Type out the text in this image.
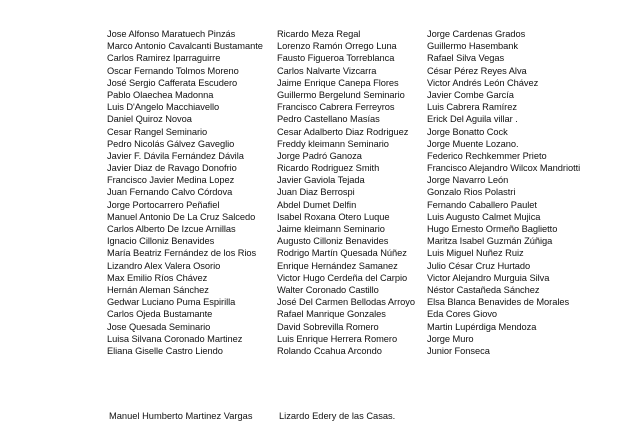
Jose Alfonso Maratuech Pinzás
Marco Antonio Cavalcanti Bustamante
Carlos Ramirez Iparraguirre
Oscar Fernando Tolmos Moreno
José Sergio Cafferata Escudero
Pablo Olaechea Madonna
Luis D'Angelo Macchiavello
Daniel Quiroz Novoa
Cesar Rangel Seminario
Pedro Nicolás Gálvez Gaveglio
Javier F. Dávila Fernández Dávila
Javier Diaz de Ravago Donofrio
Francisco Javier Medina Lopez
Juan Fernando Calvo Córdova
Jorge Portocarrero Peñafiel
Manuel Antonio De La Cruz Salcedo
Carlos Alberto De Izcue Arnillas
Ignacio Cilloniz Benavides
María Beatriz Fernández de los Rios
Lizandro Alex Valera Osorio
Max Emilio Ríos Chávez
Hernán Aleman Sánchez
Gedwar Luciano Puma Espirilla
Carlos Ojeda Bustamante
Jose Quesada Seminario
Luisa Silvana Coronado Martinez
Eliana Giselle Castro Liendo
Ricardo Meza Regal
Lorenzo Ramón Orrego Luna
Fausto Figueroa Torreblanca
Carlos Nalvarte Vizcarra
Jaime Enrique Canepa Flores
Guillermo Bergelund Seminario
Francisco Cabrera Ferreyros
Pedro Castellano Masías
Cesar Adalberto Diaz Rodriguez
Freddy kleimann Seminario
Jorge Padró Ganoza
Ricardo Rodriguez Smith
Javier Gaviola Tejada
Juan Diaz Berrospi
Abdel Dumet Delfin
Isabel Roxana Otero Luque
Jaime kleimann Seminario
Augusto Cilloniz Benavides
Rodrigo Martín Quesada Núñez
Enrique Hernández Samanez
Victor Hugo Cerdeña del Carpio
Walter Coronado Castillo
José Del Carmen Bellodas Arroyo
Rafael Manrique Gonzales
David Sobrevilla Romero
Luis Enrique Herrera Romero
Rolando Ccahua Arcondo
Jorge Cardenas Grados
Guillermo Hasembank
Rafael Silva Vegas
César Pérez Reyes Alva
Victor Andrés León Chávez
Javier Combe García
Luis Cabrera Ramírez
Erick Del Aguila villar .
Jorge Bonatto Cock
Jorge Muente Lozano.
Federico Rechkemmer Prieto
Francisco Alejandro Wilcox Mandriotti
Jorge Navarro León
Gonzalo Rios Polastri
Fernando Caballero Paulet
Luis Augusto Calmet Mujica
Hugo Ernesto Ormeño Baglietto
Maritza Isabel Guzmán Zúñiga
Luis Miguel Nuñez Ruiz
Julio César Cruz Hurtado
Victor Alejandro Murguia Silva
Néstor Castañeda Sánchez
Elsa Blanca Benavides de Morales
Eda Cores Giovo
Martin Lupérdiga Mendoza
Jorge Muro
Junior Fonseca
Manuel Humberto Martinez Vargas	Lizardo Edery de las Casas.
